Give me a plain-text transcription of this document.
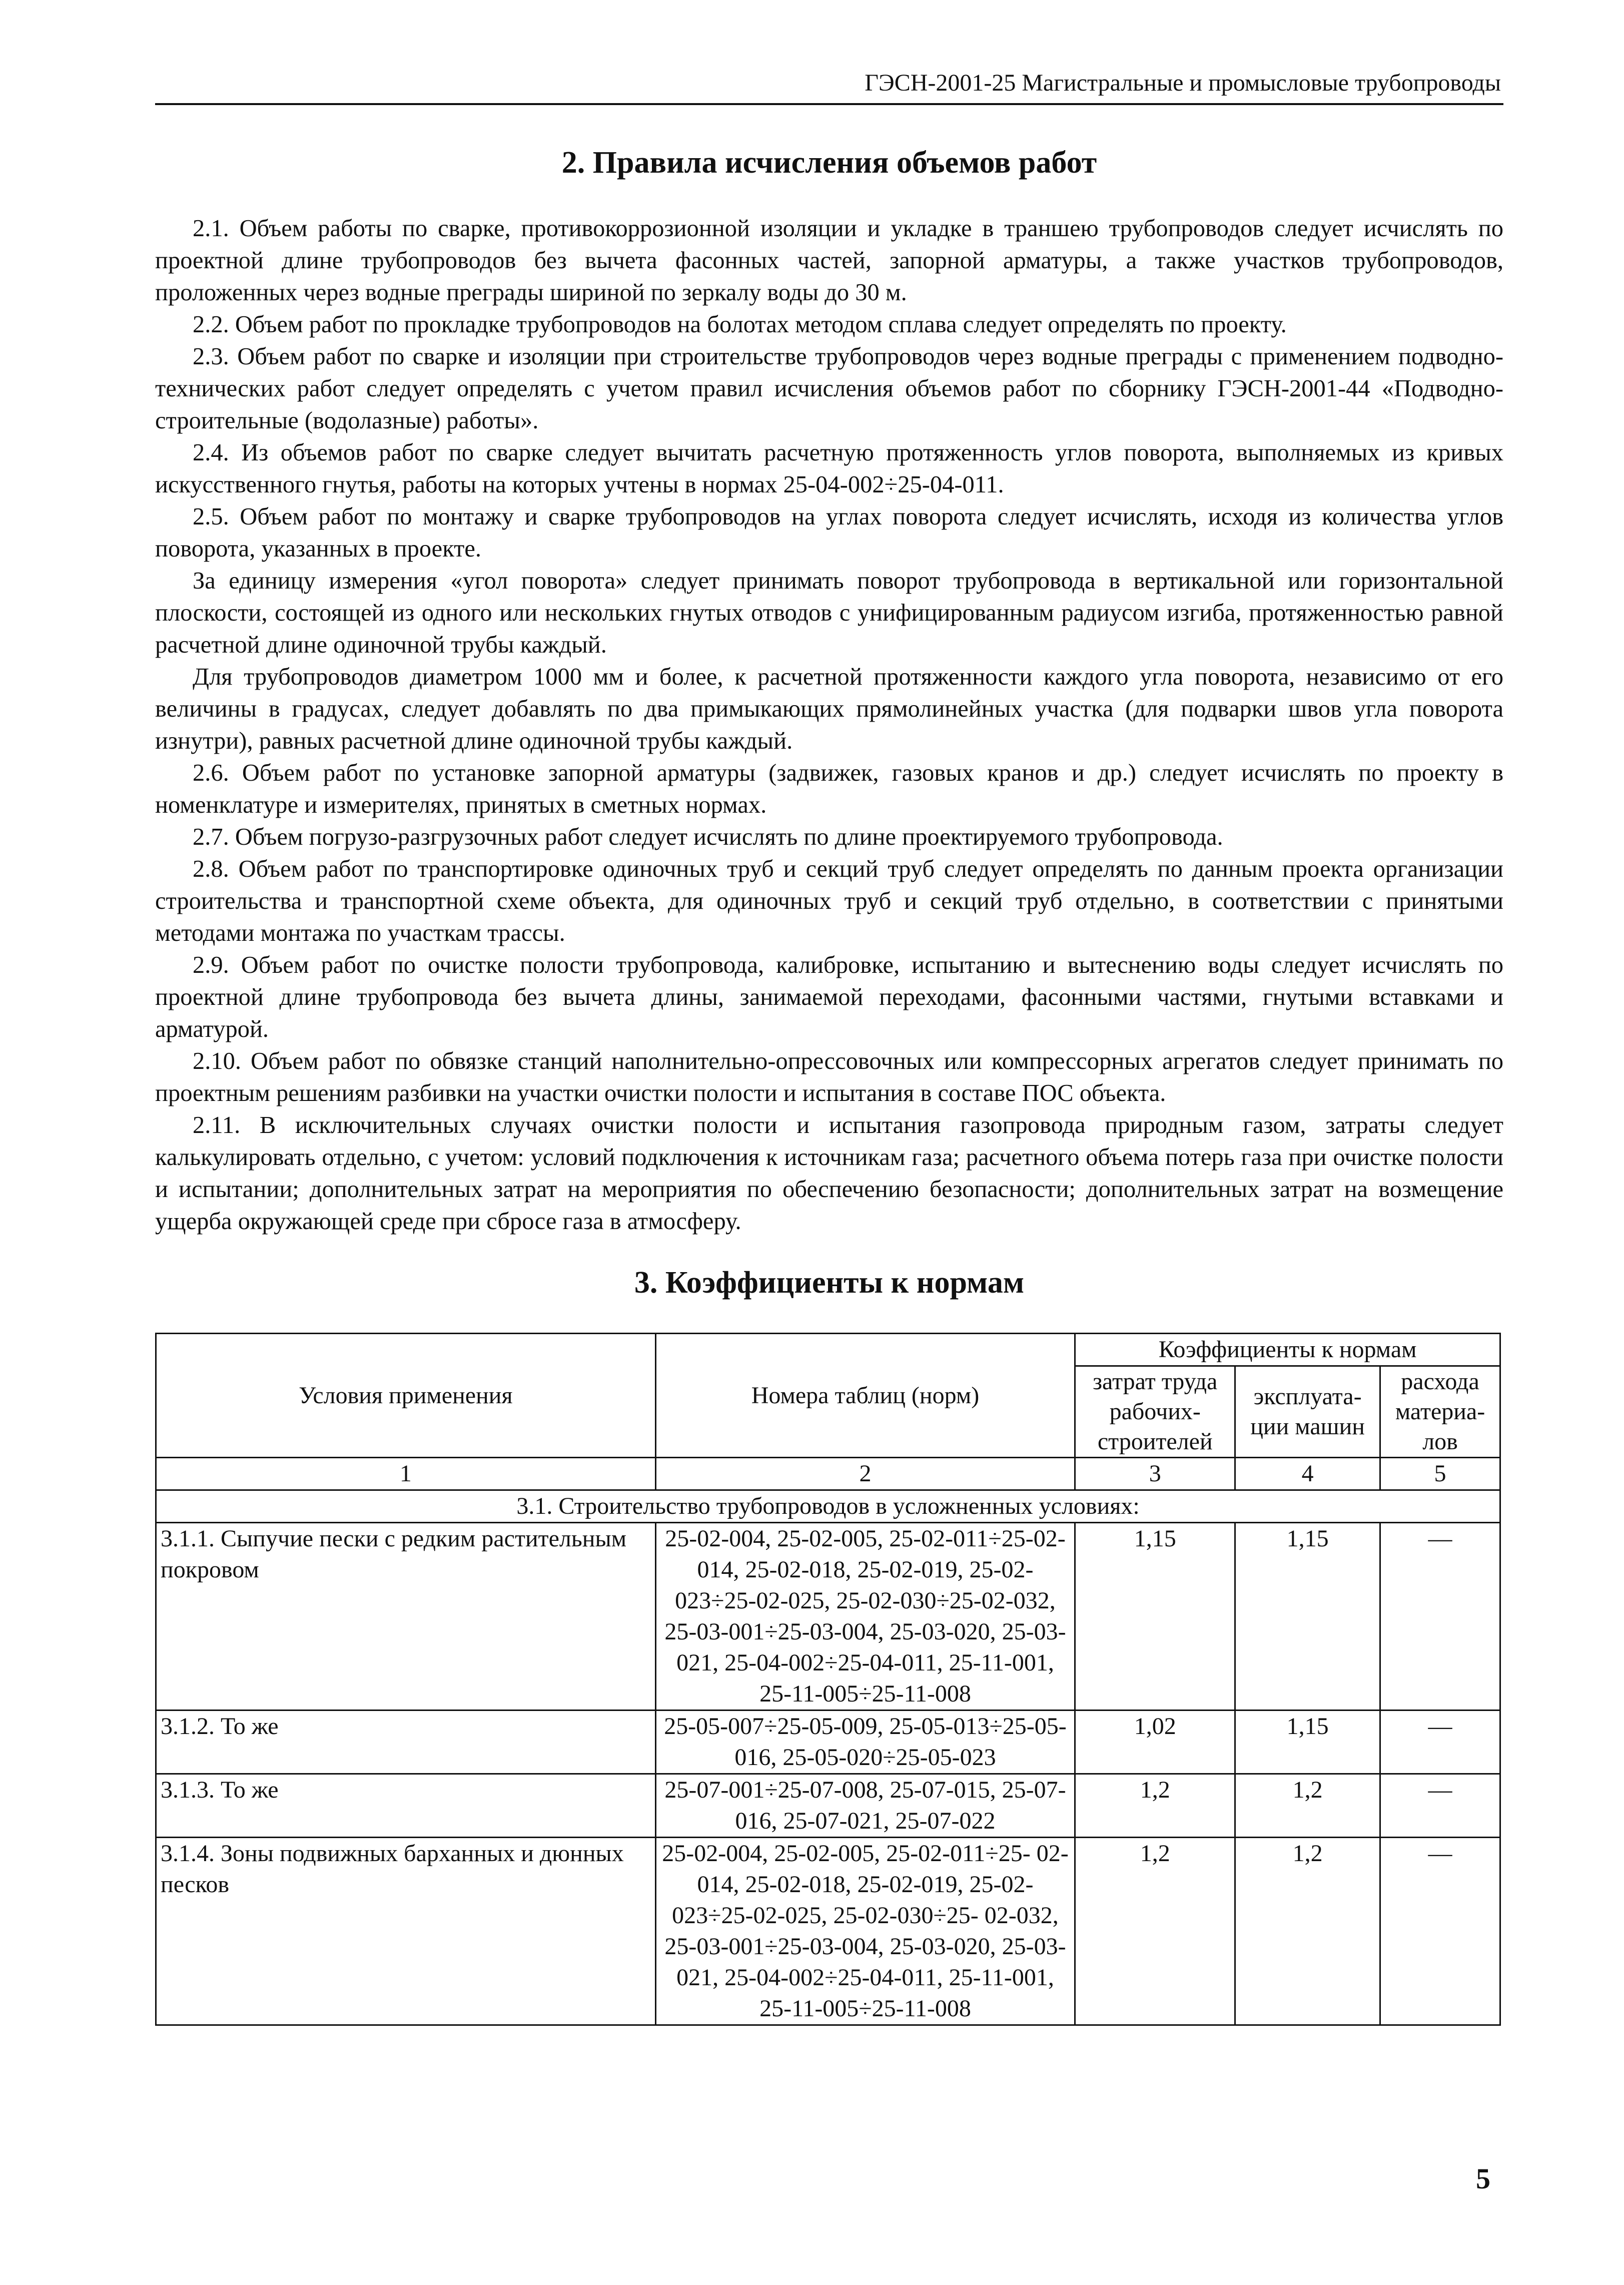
ГЭСН-2001-25 Магистральные и промысловые трубопроводы
2. Правила исчисления объемов работ

2.1. Объем работы по сварке, противокоррозионной изоляции и укладке в траншею трубопроводов следует исчислять по проектной длине трубопроводов без вычета фасонных частей, запорной арматуры, а также участков трубопроводов, проложенных через водные преграды шириной по зеркалу воды до 30 м.

2.2. Объем работ по прокладке трубопроводов на болотах методом сплава следует определять по проекту.

2.3. Объем работ по сварке и изоляции при строительстве трубопроводов через водные преграды с применением подводно-технических работ следует определять с учетом правил исчисления объемов работ по сборнику ГЭСН-2001-44 «Подводно-строительные (водолазные) работы».

2.4. Из объемов работ по сварке следует вычитать расчетную протяженность углов поворота, выполняемых из кривых искусственного гнутья, работы на которых учтены в нормах 25-04-002÷25-04-011.

2.5. Объем работ по монтажу и сварке трубопроводов на углах поворота следует исчислять, исходя из количества углов поворота, указанных в проекте.

За единицу измерения «угол поворота» следует принимать поворот трубопровода в вертикальной или горизонтальной плоскости, состоящей из одного или нескольких гнутых отводов с унифицированным радиусом изгиба, протяженностью равной расчетной длине одиночной трубы каждый.

Для трубопроводов диаметром 1000 мм и более, к расчетной протяженности каждого угла поворота, независимо от его величины в градусах, следует добавлять по два примыкающих прямолинейных участка (для подварки швов угла поворота изнутри), равных расчетной длине одиночной трубы каждый.

2.6. Объем работ по установке запорной арматуры (задвижек, газовых кранов и др.) следует исчислять по проекту в номенклатуре и измерителях, принятых в сметных нормах.

2.7. Объем погрузо-разгрузочных работ следует исчислять по длине проектируемого трубопровода.

2.8. Объем работ по транспортировке одиночных труб и секций труб следует определять по данным проекта организации строительства и транспортной схеме объекта, для одиночных труб и секций труб отдельно, в соответствии с принятыми методами монтажа по участкам трассы.

2.9. Объем работ по очистке полости трубопровода, калибровке, испытанию и вытеснению воды следует исчислять по проектной длине трубопровода без вычета длины, занимаемой переходами, фасонными частями, гнутыми вставками и арматурой.

2.10. Объем работ по обвязке станций наполнительно-опрессовочных или компрессорных агрегатов следует принимать по проектным решениям разбивки на участки очистки полости и испытания в составе ПОС объекта.

2.11. В исключительных случаях очистки полости и испытания газопровода природным газом, затраты следует калькулировать отдельно, с учетом: условий подключения к источникам газа; расчетного объема потерь газа при очистке полости и испытании; дополнительных затрат на мероприятия по обеспечению безопасности; дополнительных затрат на возмещение ущерба окружающей среде при сбросе газа в атмосферу.

3. Коэффициенты к нормам
Условия применения	Номера таблиц (норм)	Коэффициенты к нормам		
		затрат труда рабочих-строителей	эксплуата-ции машин	расхода материа-лов
1	2	3	4	5
3.1. Строительство трубопроводов в усложненных условиях:				
3.1.1. Сыпучие пески с редким растительным покровом	25-02-004, 25-02-005, 25-02-011÷25-02-014, 25-02-018, 25-02-019, 25-02-023÷25-02-025, 25-02-030÷25-02-032, 25-03-001÷25-03-004, 25-03-020, 25-03-021, 25-04-002÷25-04-011, 25-11-001, 25-11-005÷25-11-008	1,15	1,15	—
3.1.2. То же	25-05-007÷25-05-009, 25-05-013÷25-05-016, 25-05-020÷25-05-023	1,02	1,15	—
3.1.3. То же	25-07-001÷25-07-008, 25-07-015, 25-07-016, 25-07-021, 25-07-022	1,2	1,2	—
3.1.4. Зоны подвижных барханных и дюнных песков	25-02-004, 25-02-005, 25-02-011÷25- 02-014, 25-02-018, 25-02-019, 25-02-023÷25-02-025, 25-02-030÷25- 02-032, 25-03-001÷25-03-004, 25-03-020, 25-03-021, 25-04-002÷25-04-011, 25-11-001, 25-11-005÷25-11-008	1,2	1,2	—
5
